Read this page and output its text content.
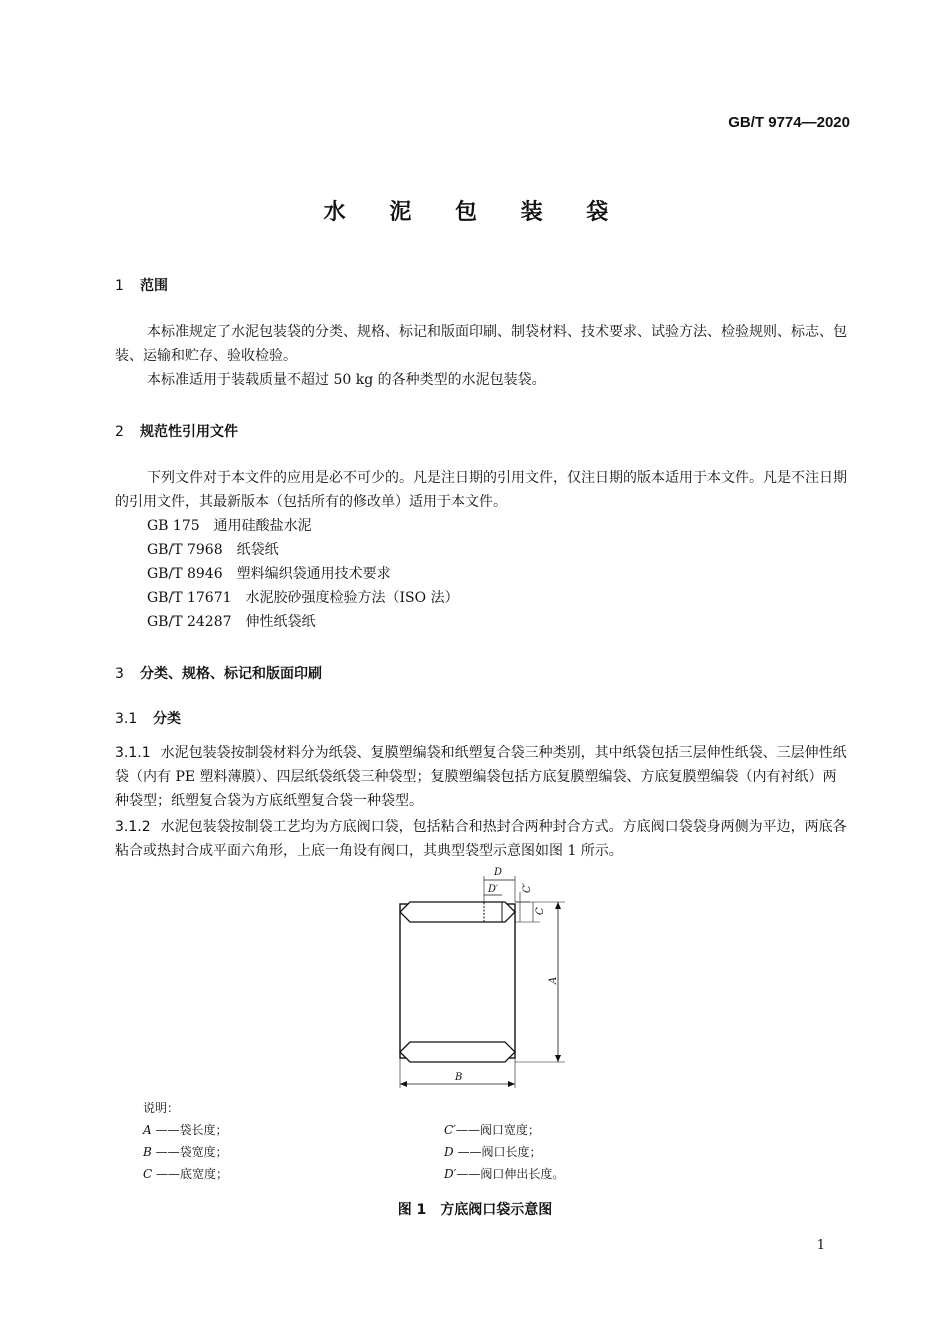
GB/T 9774—2020
水 泥 包 装 袋
1 范围
本标准规定了水泥包装袋的分类、规格、标记和版面印刷、制袋材料、技术要求、试验方法、检验规则、标志、包装、运输和贮存、验收检验。
本标准适用于装载质量不超过 50 kg 的各种类型的水泥包装袋。
2 规范性引用文件
下列文件对于本文件的应用是必不可少的。凡是注日期的引用文件，仅注日期的版本适用于本文件。凡是不注日期的引用文件，其最新版本（包括所有的修改单）适用于本文件。
GB 175 通用硅酸盐水泥
GB/T 7968 纸袋纸
GB/T 8946 塑料编织袋通用技术要求
GB/T 17671 水泥胶砂强度检验方法（ISO 法）
GB/T 24287 伸性纸袋纸
3 分类、规格、标记和版面印刷
3.1 分类
3.1.1 水泥包装袋按制袋材料分为纸袋、复膜塑编袋和纸塑复合袋三种类别，其中纸袋包括三层伸性纸袋、三层伸性纸袋（内有 PE 塑料薄膜）、四层纸袋纸袋三种袋型；复膜塑编袋包括方底复膜塑编袋、方底复膜塑编袋（内有衬纸）两种袋型；纸塑复合袋为方底纸塑复合袋一种袋型。
3.1.2 水泥包装袋按制袋工艺均为方底阀口袋，包括粘合和热封合两种封合方式。方底阀口袋袋身两侧为平边，两底各粘合或热封合成平面六角形，上底一角设有阀口，其典型袋型示意图如图 1 所示。
D
D′ C′
C
A
B
说明：
A ——袋长度；
B ——袋宽度；
C ——底宽度；
C′——阀口宽度；
D ——阀口长度；
D′——阀口伸出长度。
图 1 方底阀口袋示意图
1
